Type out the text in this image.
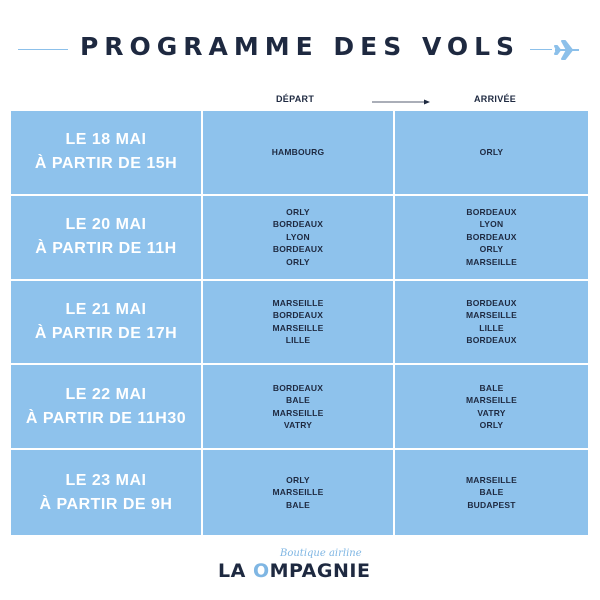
PROGRAMME DES VOLS
DÉPART	ARRIVÉE
LE 18 MAI
À PARTIR DE 15H
HAMBOURG	ORLY
LE 20 MAI
À PARTIR DE 11H
ORLY
BORDEAUX
LYON
BORDEAUX
ORLY
BORDEAUX
LYON
BORDEAUX
ORLY
MARSEILLE
LE 21 MAI
À PARTIR DE 17H
MARSEILLE
BORDEAUX
MARSEILLE
LILLE
BORDEAUX
MARSEILLE
LILLE
BORDEAUX
LE 22 MAI
À PARTIR DE 11H30
BORDEAUX
BALE
MARSEILLE
VATRY
BALE
MARSEILLE
VATRY
ORLY
LE 23 MAI
À PARTIR DE 9H
ORLY
MARSEILLE
BALE
MARSEILLE
BALE
BUDAPEST
Boutique airline
LA OMPAGNIE
